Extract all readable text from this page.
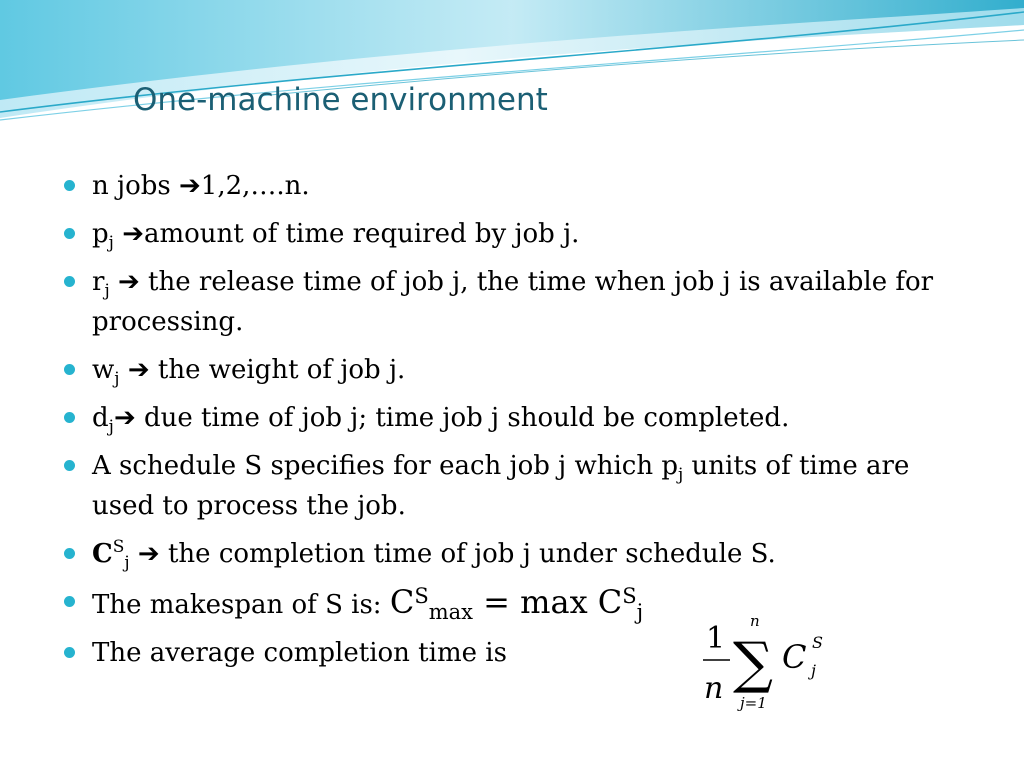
One-machine environment
n jobs ➔1,2,….n.
$p_j$ ➔amount of time required by job j.
$r_j$ ➔ the release time of job j, the time when job j is available for processing.
$w_j$ ➔ the weight of job j.
$d_j➔$ due time of job j; time job j should be completed.
A schedule S specifies for each job j which $p_j$ units of time are used to process the job.
$C^S_j$ ➔ the completion time of job j under schedule S.
The makespan of S is: $C^S_{max} = \max C^S_j$
The average completion time is	1
n
n
∑
j=1
C S
j
